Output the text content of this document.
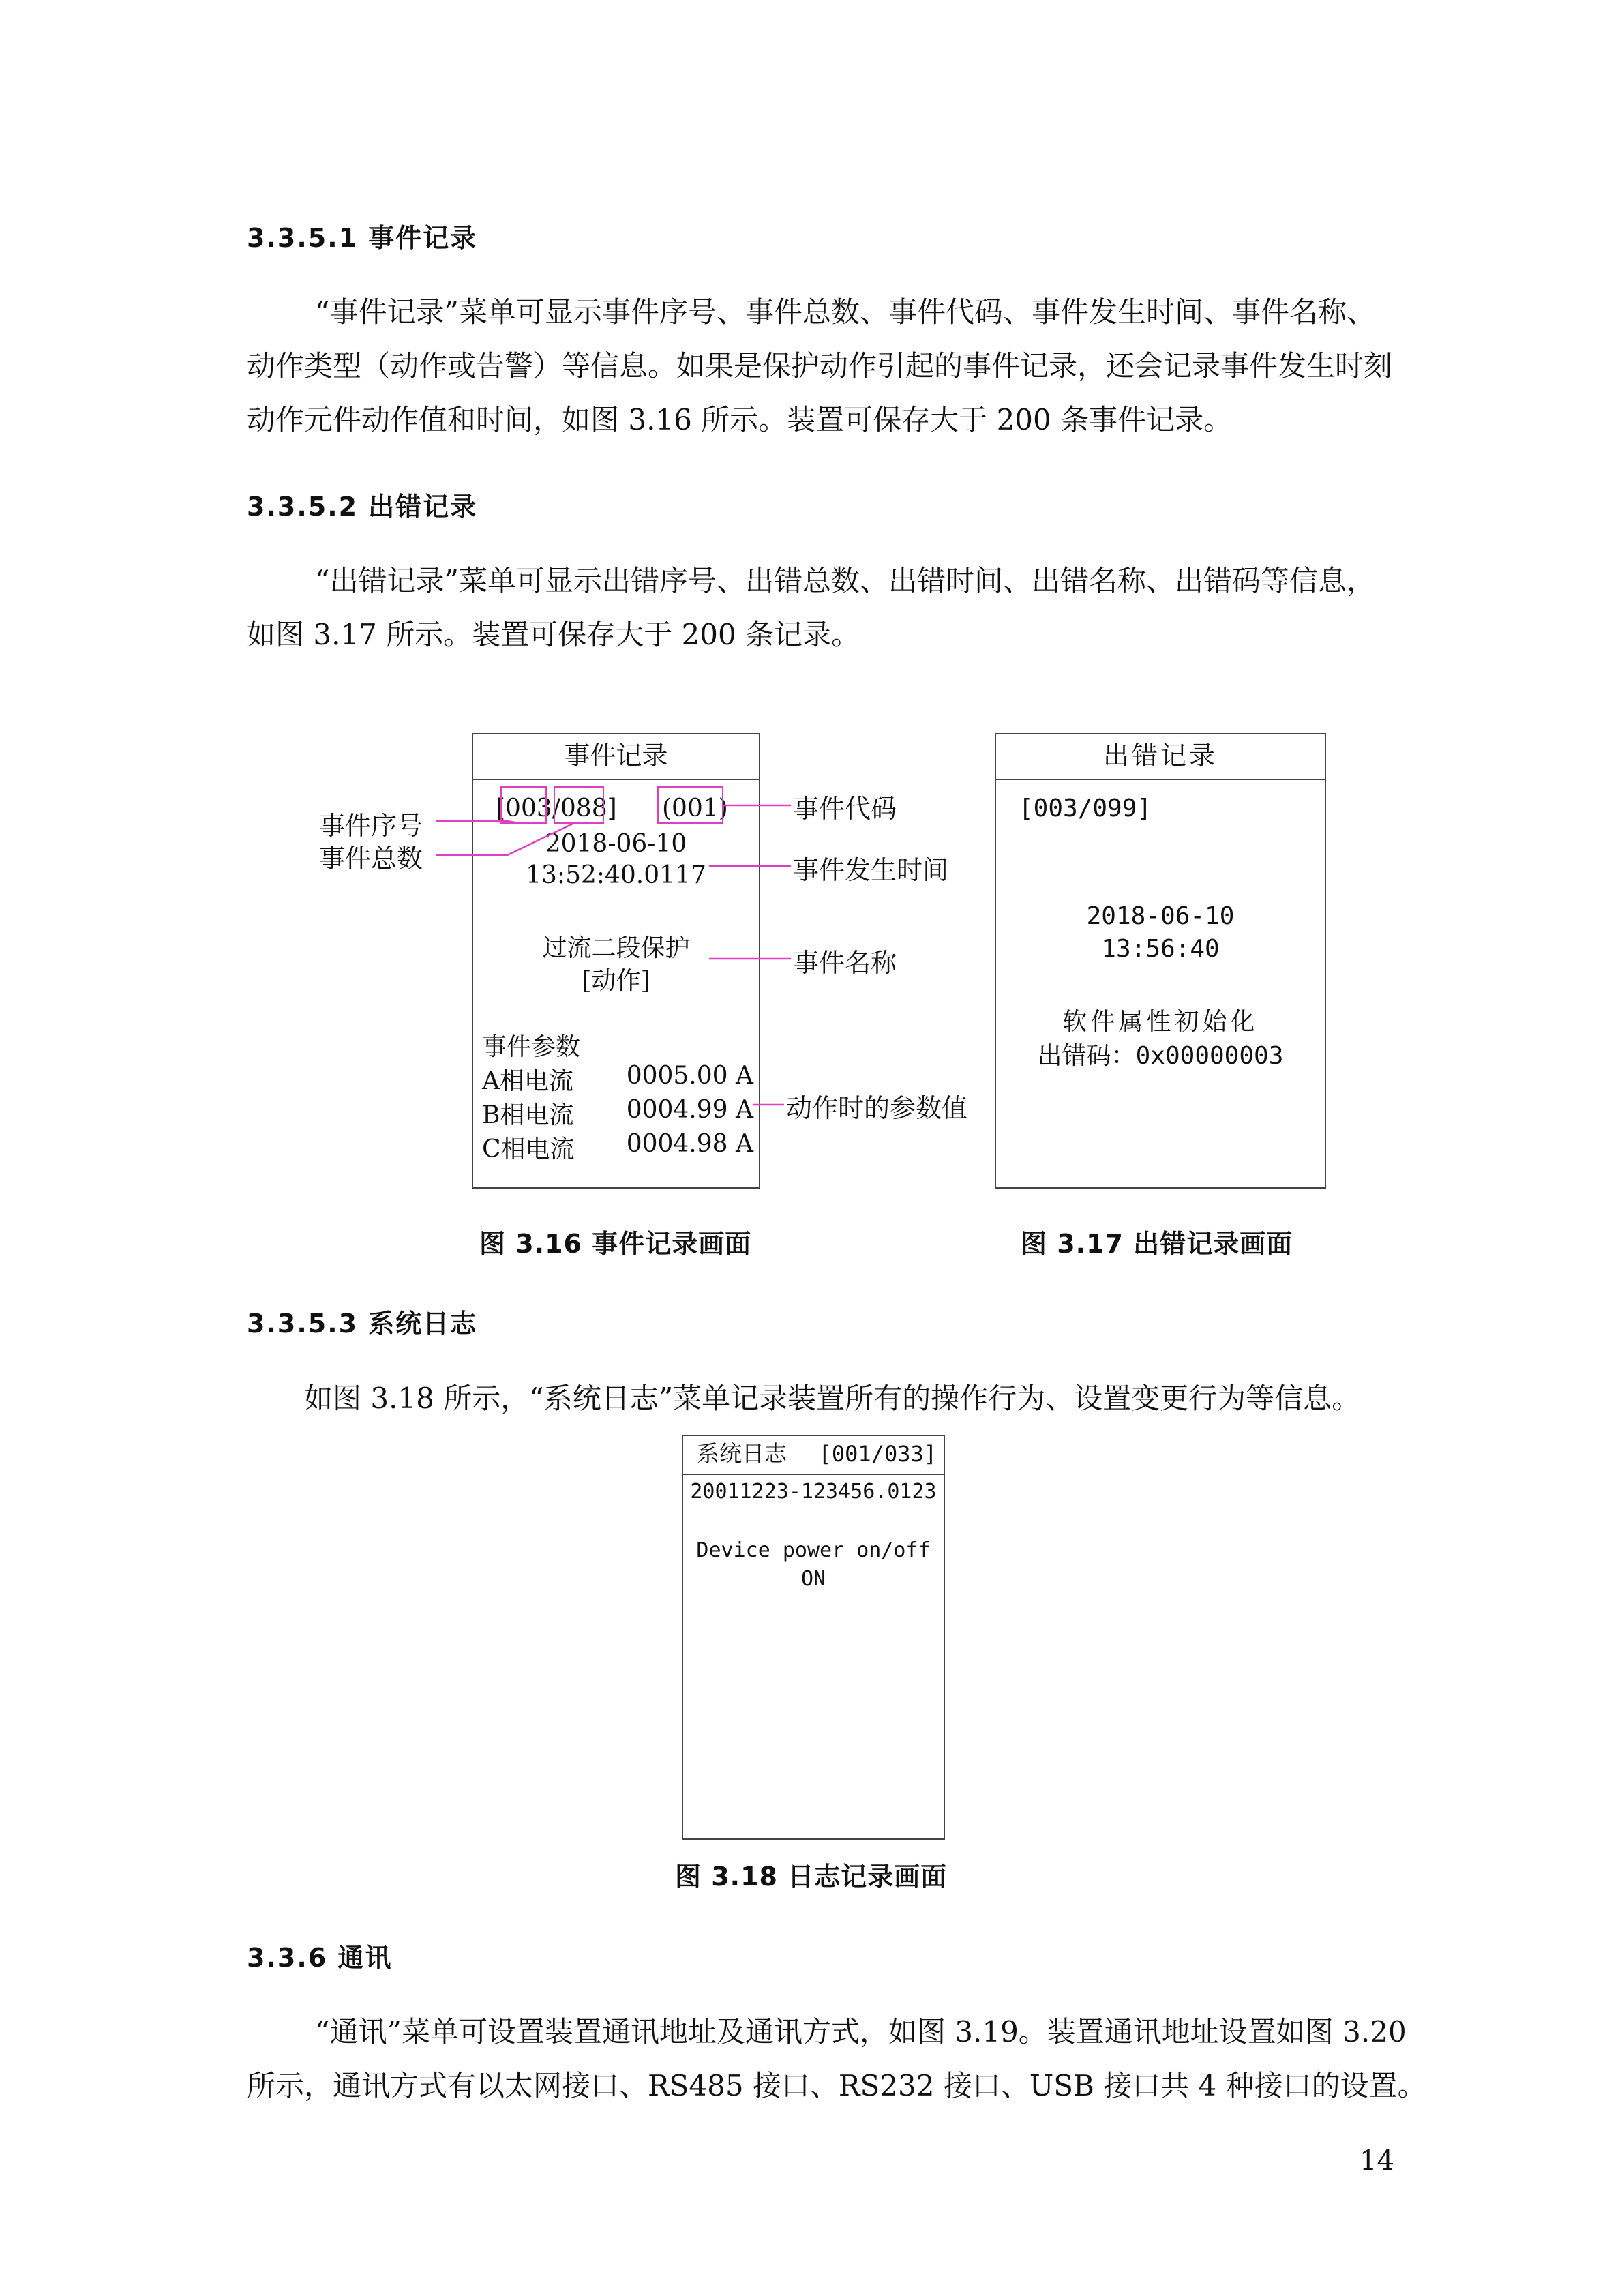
3.3.5.1 事件记录
“事件记录”菜单可显示事件序号、事件总数、事件代码、事件发生时间、事件名称、
动作类型（动作或告警）等信息。如果是保护动作引起的事件记录，还会记录事件发生时刻
动作元件动作值和时间，如图 3.16 所示。装置可保存大于 200 条事件记录。
3.3.5.2 出错记录
“出错记录”菜单可显示出错序号、出错总数、出错时间、出错名称、出错码等信息，
如图 3.17 所示。装置可保存大于 200 条记录。
事件记录
[003/088] (001)
2018-06-10
13:52:40.0117
过流二段保护
[动作]
事件参数
A相电流 0005.00 A
B相电流 0004.99 A
C相电流 0004.98 A
事件序号
事件总数
事件代码
事件发生时间
事件名称
动作时的参数值
图 3.16 事件记录画面
出错记录
[003/099]
2018-06-10
13:56:40
软件属性初始化
出错码：0x00000003
图 3.17 出错记录画面
3.3.5.3 系统日志
如图 3.18 所示，“系统日志”菜单记录装置所有的操作行为、设置变更行为等信息。
系统日志 [001/033]
20011223-123456.0123
Device power on/off
ON
图 3.18 日志记录画面
3.3.6 通讯
“通讯”菜单可设置装置通讯地址及通讯方式，如图 3.19。装置通讯地址设置如图 3.20
所示，通讯方式有以太网接口、RS485 接口、RS232 接口、USB 接口共 4 种接口的设置。
14
